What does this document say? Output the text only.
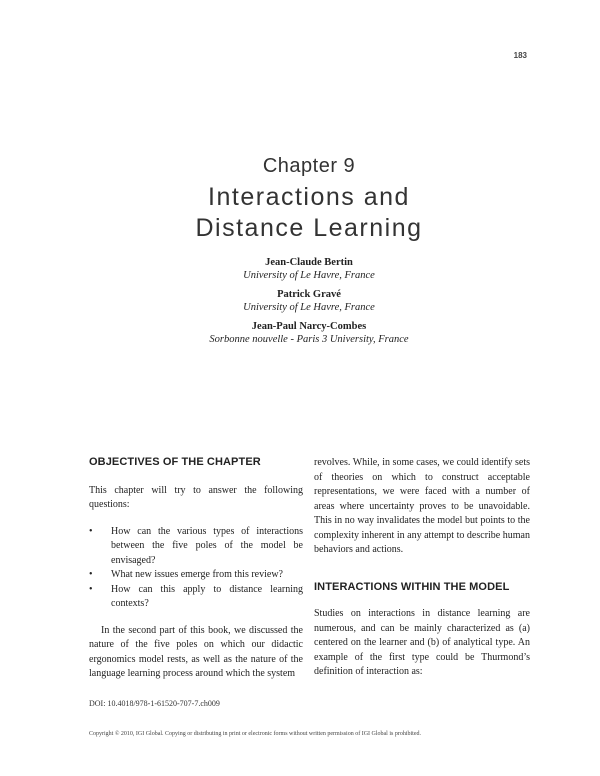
183
Chapter 9
Interactions and
Distance Learning
Jean-Claude Bertin
University of Le Havre, France
Patrick Gravé
University of Le Havre, France
Jean-Paul Narcy-Combes
Sorbonne nouvelle - Paris 3 University, France
OBJECTIVES OF THE CHAPTER

This chapter will try to answer the following questions:

• How can the various types of interactions between the five poles of the model be envisaged?
• What new issues emerge from this review?
• How can this apply to distance learning contexts?

In the second part of this book, we discussed the nature of the five poles on which our didactic ergonomics model rests, as well as the nature of the language learning process around which the system

revolves. While, in some cases, we could identify sets of theories on which to construct acceptable representations, we were faced with a number of areas where uncertainty proves to be unavoidable. This in no way invalidates the model but points to the complexity inherent in any attempt to describe human behaviors and actions.

INTERACTIONS WITHIN THE MODEL

Studies on interactions in distance learning are numerous, and can be mainly characterized as (a) centered on the learner and (b) of analytical type. An example of the first type could be Thurmond’s definition of interaction as:

DOI: 10.4018/978-1-61520-707-7.ch009
Copyright © 2010, IGI Global. Copying or distributing in print or electronic forms without written permission of IGI Global is prohibited.
